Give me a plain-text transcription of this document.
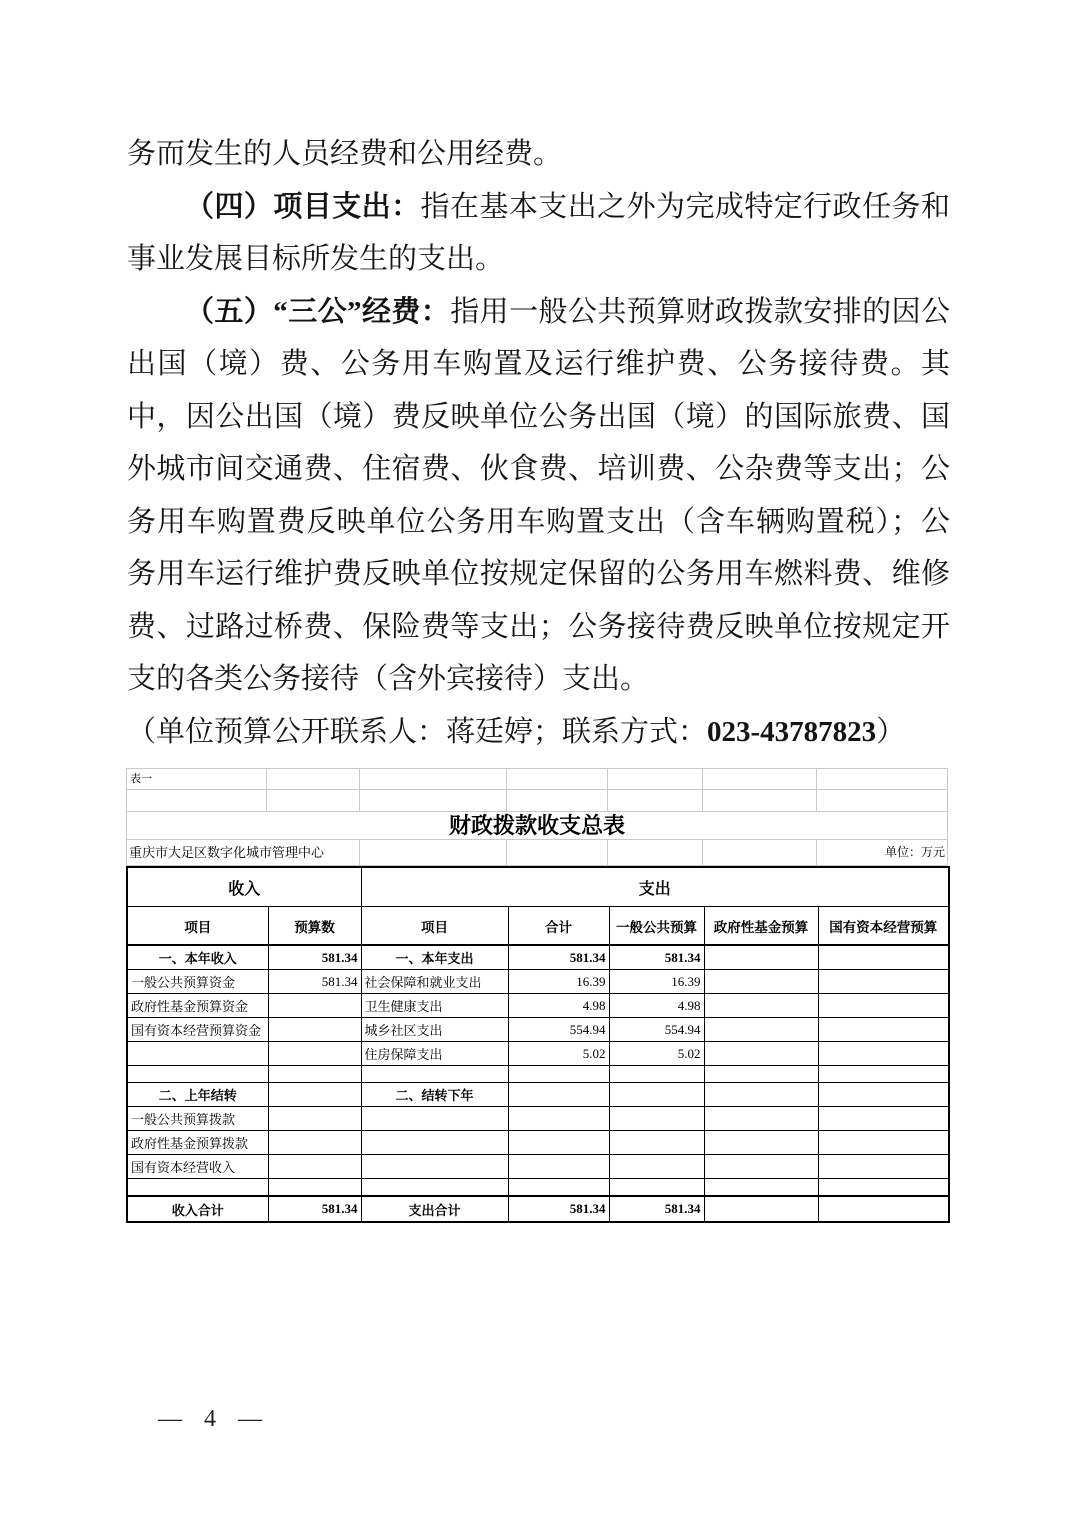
务而发生的人员经费和公用经费。

（四）项目支出：指在基本支出之外为完成特定行政任务和事业发展目标所发生的支出。

（五）“三公”经费：指用一般公共预算财政拨款安排的因公出国（境）费、公务用车购置及运行维护费、公务接待费。其中，因公出国（境）费反映单位公务出国（境）的国际旅费、国外城市间交通费、住宿费、伙食费、培训费、公杂费等支出；公务用车购置费反映单位公务用车购置支出（含车辆购置税）；公务用车运行维护费反映单位按规定保留的公务用车燃料费、维修费、过路过桥费、保险费等支出；公务接待费反映单位按规定开支的各类公务接待（含外宾接待）支出。

（单位预算公开联系人：蒋廷婷；联系方式：023-43787823）

表一
财政拨款收支总表
重庆市大足区数字化城市管理中心	单位：万元
收入		支出				
项目	预算数	项目	合计	一般公共预算	政府性基金预算	国有资本经营预算
一、本年收入	581.34	一、本年支出	581.34	581.34		
一般公共预算资金	581.34	社会保障和就业支出	16.39	16.39		
政府性基金预算资金		卫生健康支出	4.98	4.98		
国有资本经营预算资金		城乡社区支出	554.94	554.94		
		住房保障支出	5.02	5.02		

二、上年结转		二、结转下年				
一般公共预算拨款						
政府性基金预算拨款						
国有资本经营收入						

收入合计	581.34	支出合计	581.34	581.34		
— 4 —
